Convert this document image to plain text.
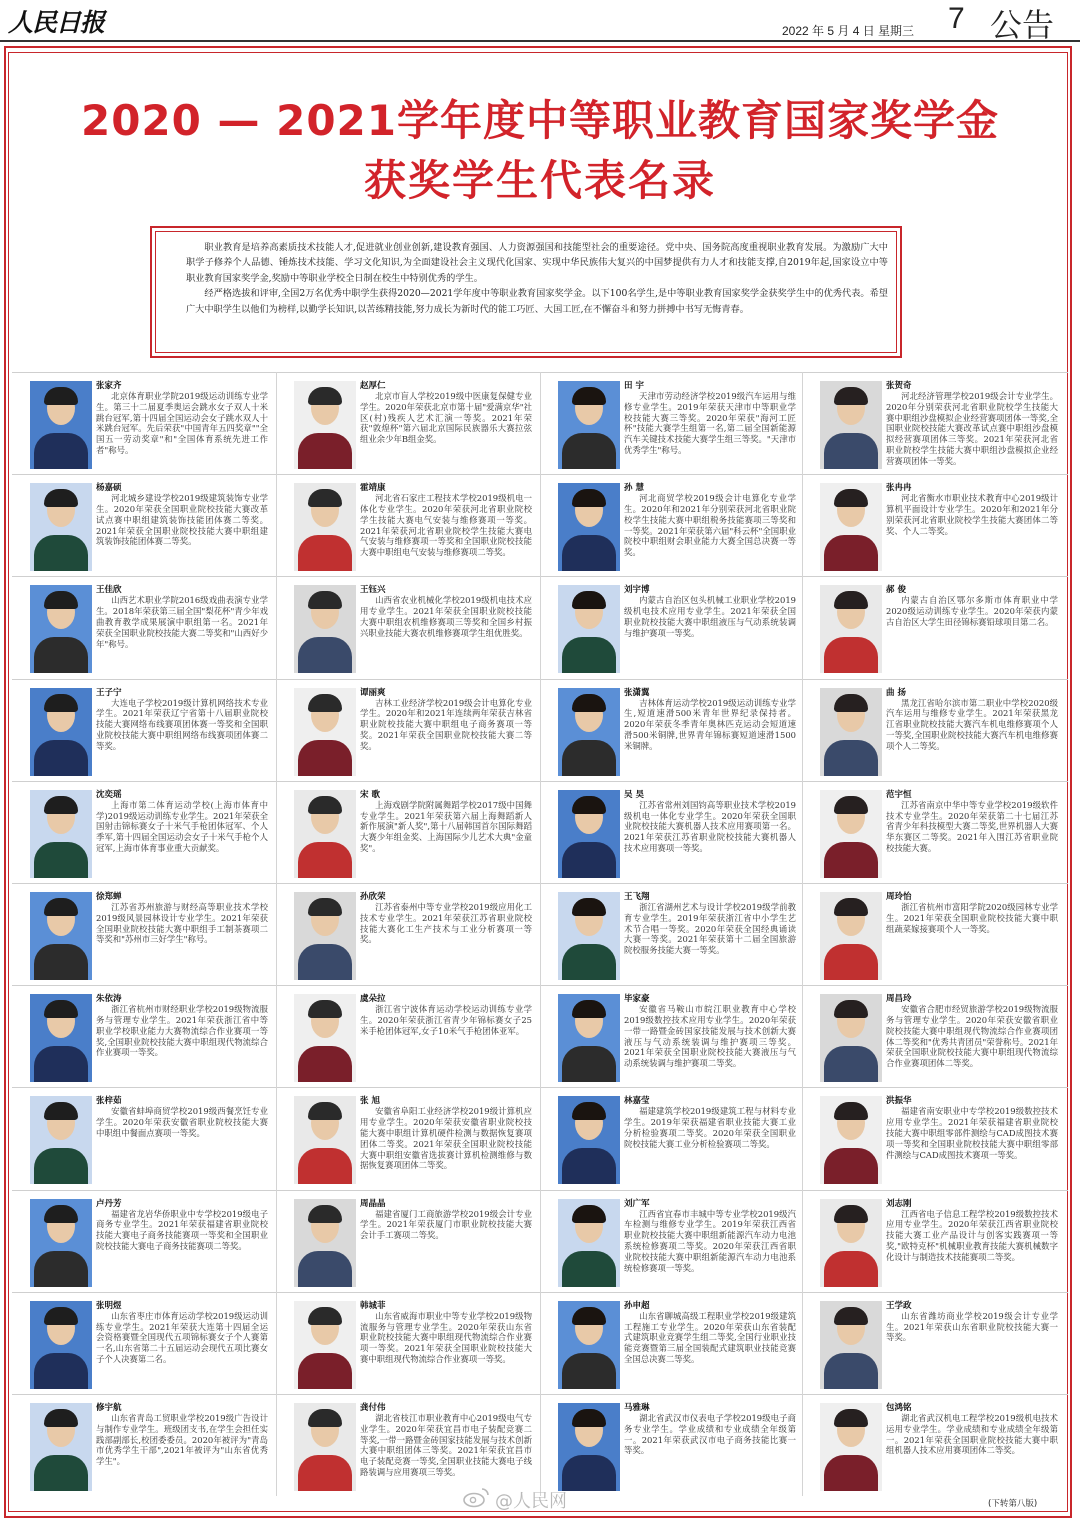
人民日报	2022 年 5 月 4 日 星期三 7 公告
2020 — 2021学年度中等职业教育国家奖学金
获奖学生代表名录

职业教育是培养高素质技术技能人才,促进就业创业创新,建设教育强国、人力资源强国和技能型社会的重要途径。党中央、国务院高度重视职业教育发展。为激励广大中职学子修养个人品德、锤炼技术技能、学习文化知识,为全面建设社会主义现代化国家、实现中华民族伟大复兴的中国梦提供有力人才和技能支撑,自2019年起,国家设立中等职业教育国家奖学金,奖励中等职业学校全日制在校生中特别优秀的学生。

经严格选拔和评审,全国2万名优秀中职学生获得2020—2021学年度中等职业教育国家奖学金。以下100名学生,是中等职业教育国家奖学金获奖学生中的优秀代表。希望广大中职学生以他们为榜样,以勤学长知识,以苦练精技能,努力成长为新时代的能工巧匠、大国工匠,在不懈奋斗和努力拼搏中书写无悔青春。

张家齐
北京体育职业学院2019级运动训练专业学生。第三十二届夏季奥运会跳水女子双人十米跳台冠军,第十四届全国运动会女子跳水双人十米跳台冠军。先后荣获"中国青年五四奖章""全国五一劳动奖章"和"全国体育系统先进工作者"称号。
赵厚仁
北京市盲人学校2019级中医康复保健专业学生。2020年荣获北京市第十届"爱满京华"社区(村)残疾人艺术汇演一等奖。2021年荣获"敦煌杯"第六届北京国际民族器乐大赛拉弦组业余少年B组金奖。
田 宇
天津市劳动经济学校2019级汽车运用与维修专业学生。2019年荣获天津市中等职业学校技能大赛三等奖。2020年荣获"海河工匠杯"技能大赛学生组第一名,第二届全国新能源汽车关键技术技能大赛学生组三等奖。"天津市优秀学生"称号。
张贺奇
河北经济管理学校2019级会计专业学生。2020年分别荣获河北省职业院校学生技能大赛中职组沙盘模拟企业经营赛项团体一等奖,全国职业院校技能大赛改革试点赛中职组沙盘模拟经营赛项团体三等奖。2021年荣获河北省职业院校学生技能大赛中职组沙盘模拟企业经营赛项团体一等奖。
杨嘉硕
河北城乡建设学校2019级建筑装饰专业学生。2020年荣获全国职业院校技能大赛改革试点赛中职组建筑装饰技能团体赛二等奖。2021年荣获全国职业院校技能大赛中职组建筑装饰技能团体赛二等奖。
霍靖康
河北省石家庄工程技术学校2019级机电一体化专业学生。2020年荣获河北省职业院校学生技能大赛电气安装与维修赛项一等奖。2021年荣获河北省职业院校学生技能大赛电气安装与维修赛项一等奖和全国职业院校技能大赛中职组电气安装与维修赛项二等奖。
孙 慧
河北商贸学校2019级会计电算化专业学生。2020年和2021年分别荣获河北省职业院校学生技能大赛中职组税务技能赛项三等奖和一等奖。2021年荣获第六届"科云杯"全国职业院校中职组财会职业能力大赛全国总决赛一等奖。
张冉冉
河北省衡水市职业技术教育中心2019级计算机平面设计专业学生。2020年和2021年分别荣获河北省职业院校学生技能大赛团体二等奖、个人二等奖。
王佳欣
山西艺术职业学院2016级戏曲表演专业学生。2018年荣获第三届全国"梨花杯"青少年戏曲教育教学成果展演中职组第一名。2021年荣获全国职业院校技能大赛二等奖和"山西好少年"称号。
王钰兴
山西省农业机械化学校2019级机电技术应用专业学生。2021年荣获全国职业院校技能大赛中职组农机维修赛项三等奖和全国乡村振兴职业技能大赛农机维修赛项学生组优胜奖。
刘宇博
内蒙古自治区包头机械工业职业学校2019级机电技术应用专业学生。2021年荣获全国职业院校技能大赛中职组液压与气动系统装调与维护赛项一等奖。
郝 俊
内蒙古自治区鄂尔多斯市体育职业中学2020级运动训练专业学生。2020年荣获内蒙古自治区大学生田径锦标赛铅球项目第二名。
王子宁
大连电子学校2019级计算机网络技术专业学生。2021年荣获辽宁省第十八届职业院校技能大赛网络布线赛项团体赛一等奖和全国职业院校技能大赛中职组网络布线赛项团体赛二等奖。
谭丽爽
吉林工业经济学校2019级会计电算化专业学生。2020年和2021年连续两年荣获吉林省职业院校技能大赛中职组电子商务赛项一等奖。2021年荣获全国职业院校技能大赛二等奖。
张潇翼
吉林体育运动学校2019级运动训练专业学生,短道速滑500米青年世界纪录保持者。2020年荣获冬季青年奥林匹克运动会短道速滑500米铜牌,世界青年锦标赛短道速滑1500米铜牌。
曲 扬
黑龙江省哈尔滨市第二职业中学校2020级汽车运用与维修专业学生。2021年荣获黑龙江省职业院校技能大赛汽车机电维修赛项个人一等奖,全国职业院校技能大赛汽车机电维修赛项个人二等奖。
沈奕瑶
上海市第二体育运动学校(上海市体育中学)2019级运动训练专业学生。2021年荣获全国射击锦标赛女子十米气手枪团体冠军、个人季军,第十四届全国运动会女子十米气手枪个人冠军,上海市体育事业重大贡献奖。
宋 歌
上海戏剧学院附属舞蹈学校2017级中国舞专业学生。2021年荣获第六届上海舞蹈新人新作展演"新人奖",第十八届韩国首尔国际舞蹈大赛少年组金奖、上海国际少儿艺术大典"金童奖"。
吴 昊
江苏省常州刘国钧高等职业技术学校2019级机电一体化专业学生。2020年荣获全国职业院校技能大赛机器人技术应用赛项第一名。2021年荣获江苏省职业院校技能大赛机器人技术应用赛项一等奖。
范宇恒
江苏省南京中华中等专业学校2019级软件技术专业学生。2020年荣获第二十七届江苏省青少年科技模型大赛二等奖,世界机器人大赛华东赛区二等奖。2021年入围江苏省职业院校技能大赛。
徐郑蝉
江苏省苏州旅游与财经高等职业技术学校2019级风景园林设计专业学生。2021年荣获全国职业院校技能大赛中职组手工制茶赛项二等奖和"苏州市三好学生"称号。
孙欣荣
江苏省泰州中等专业学校2019级应用化工技术专业学生。2021年荣获江苏省职业院校技能大赛化工生产技术与工业分析赛项一等奖。
王飞翔
浙江省湖州艺术与设计学校2019级学前教育专业学生。2019年荣获浙江省中小学生艺术节合唱一等奖。2020年荣获全国经典诵读大赛一等奖。2021年荣获第十二届全国旅游院校服务技能大赛一等奖。
周玲怡
浙江省杭州市富阳学院2020级园林专业学生。2021年荣获全国职业院校技能大赛中职组蔬菜嫁接赛项个人一等奖。
朱依涛
浙江省杭州市财经职业学校2019级物流服务与管理专业学生。2021年荣获浙江省中等职业学校职业能力大赛物流综合作业赛项一等奖,全国职业院校技能大赛中职组现代物流综合作业赛项一等奖。
虞朵拉
浙江省宁波体育运动学校运动训练专业学生。2020年荣获浙江省青少年锦标赛女子25米手枪团体冠军,女子10米气手枪团体亚军。
毕家豪
安徽省马鞍山市皖江职业教育中心学校2019级数控技术应用专业学生。2020年荣获一带一路暨金砖国家技能发展与技术创新大赛液压与气动系统装调与维护赛项三等奖。2021年荣获全国职业院校技能大赛液压与气动系统装调与维护赛项二等奖。
周昌玲
安徽省合肥市经贸旅游学校2019级物流服务与管理专业学生。2020年荣获安徽省职业院校技能大赛中职组现代物流综合作业赛项团体二等奖和"优秀共青团员"荣誉称号。2021年荣获全国职业院校技能大赛中职组现代物流综合作业赛项团体二等奖。
张梓茹
安徽省蚌埠商贸学校2019级西餐烹饪专业学生。2020年荣获安徽省职业院校技能大赛中职组中餐面点赛项一等奖。
张 旭
安徽省阜阳工业经济学校2019级计算机应用专业学生。2020年荣获安徽省职业院校技能大赛中职组计算机硬件检测与数据恢复赛项团体二等奖。2021年荣获全国职业院校技能大赛中职组安徽省选拔赛计算机检测维修与数据恢复赛项团体二等奖。
林嘉莹
福建建筑学校2019级建筑工程与材料专业学生。2019年荣获福建省职业技能大赛工业分析检验赛项二等奖。2020年荣获全国职业院校技能大赛工业分析检验赛项二等奖。
洪振华
福建省南安职业中专学校2019级数控技术应用专业学生。2021年荣获福建省职业院校技能大赛中职组零部件测绘与CAD成图技术赛项一等奖和全国职业院校技能大赛中职组零部件测绘与CAD成图技术赛项一等奖。
卢丹芳
福建省龙岩华侨职业中专学校2019级电子商务专业学生。2021年荣获福建省职业院校技能大赛电子商务技能赛项一等奖和全国职业院校技能大赛电子商务技能赛项二等奖。
周晶晶
福建省厦门工商旅游学校2019级会计专业学生。2021年荣获厦门市职业院校技能大赛会计手工赛项二等奖。
刘广军
江西省宜春市丰城中等专业学校2019级汽车检测与维修专业学生。2019年荣获江西省职业院校技能大赛中职组新能源汽车动力电池系统检修赛项二等奖。2020年荣获江西省职业院校技能大赛中职组新能源汽车动力电池系统检修赛项一等奖。
刘志刚
江西省电子信息工程学校2019级数控技术应用专业学生。2020年荣获江西省职业院校技能大赛工业产品设计与创客实践赛项一等奖,"欧特克杯"机械职业教育技能大赛机械数字化设计与制造技术技能赛项二等奖。
张明煜
山东省枣庄市体育运动学校2019级运动训练专业学生。2021年荣获大连第十四届全运会资格赛暨全国现代五项锦标赛女子个人赛第一名,山东省第二十五届运动会现代五项比赛女子个人决赛第二名。
韩城菲
山东省威海市职业中等专业学校2019级物流服务与管理专业学生。2020年荣获山东省职业院校技能大赛中职组现代物流综合作业赛项一等奖。2021年荣获全国职业院校技能大赛中职组现代物流综合作业赛项一等奖。
孙申超
山东省聊城高级工程职业学校2019级建筑工程施工专业学生。2020年荣获山东省装配式建筑职业竞赛学生组二等奖,全国行业职业技能竞赛暨第三届全国装配式建筑职业技能竞赛全国总决赛二等奖。
王学政
山东省潍坊商业学校2019级会计专业学生。2021年荣获山东省职业院校技能大赛一等奖。
修宇航
山东省青岛工贸职业学校2019级广告设计与制作专业学生。班级团支书,在学生会担任实践部副部长,校团委委员。2020年被评为"青岛市优秀学生干部",2021年被评为"山东省优秀学生"。
龚付伟
湖北省枝江市职业教育中心2019级电气专业学生。2020年荣获宜昌市电子装配竞赛二等奖,一带一路暨金砖国家技能发展与技术创新大赛中职组团体三等奖。2021年荣获宜昌市电子装配竞赛一等奖,全国职业技能大赛电子线路装调与应用赛项三等奖。
马雅琳
湖北省武汉市仪表电子学校2019级电子商务专业学生。学业成绩和专业成绩全年级第一。2021年荣获武汉市电子商务技能比赛一等奖。
包鸿铭
湖北省武汉机电工程学校2019级机电技术运用专业学生。学业成绩和专业成绩全年级第一。2021年荣获全国职业院校技能大赛中职组机器人技术应用赛项团体二等奖。
@人民网	(下转第八版)
